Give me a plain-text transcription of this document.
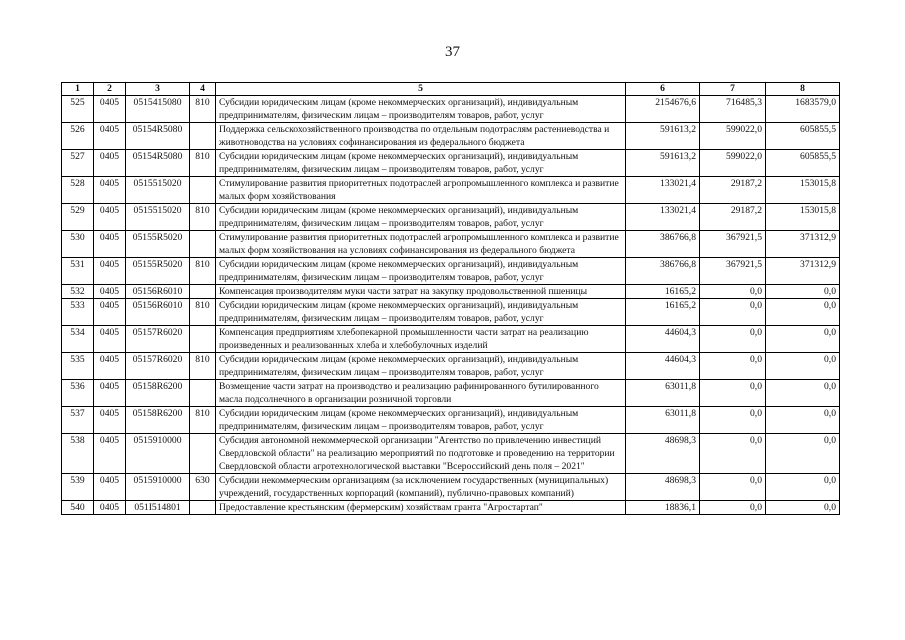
37
1	2	3	4	5	6	7	8
525	0405	0515415080	810	Субсидии юридическим лицам (кроме некоммерческих организаций), индивидуальным предпринимателям, физическим лицам – производителям товаров, работ, услуг	2154676,6	716485,3	1683579,0
526	0405	05154R5080		Поддержка сельскохозяйственного производства по отдельным подотраслям растениеводства и животноводства на условиях софинансирования из федерального бюджета	591613,2	599022,0	605855,5
527	0405	05154R5080	810	Субсидии юридическим лицам (кроме некоммерческих организаций), индивидуальным предпринимателям, физическим лицам – производителям товаров, работ, услуг	591613,2	599022,0	605855,5
528	0405	0515515020		Стимулирование развития приоритетных подотраслей агропромышленного комплекса и развитие малых форм хозяйствования	133021,4	29187,2	153015,8
529	0405	0515515020	810	Субсидии юридическим лицам (кроме некоммерческих организаций), индивидуальным предпринимателям, физическим лицам – производителям товаров, работ, услуг	133021,4	29187,2	153015,8
530	0405	05155R5020		Стимулирование развития приоритетных подотраслей агропромышленного комплекса и развитие малых форм хозяйствования на условиях софинансирования из федерального бюджета	386766,8	367921,5	371312,9
531	0405	05155R5020	810	Субсидии юридическим лицам (кроме некоммерческих организаций), индивидуальным предпринимателям, физическим лицам – производителям товаров, работ, услуг	386766,8	367921,5	371312,9
532	0405	05156R6010		Компенсация производителям муки части затрат на закупку продовольственной пшеницы	16165,2	0,0	0,0
533	0405	05156R6010	810	Субсидии юридическим лицам (кроме некоммерческих организаций), индивидуальным предпринимателям, физическим лицам – производителям товаров, работ, услуг	16165,2	0,0	0,0
534	0405	05157R6020		Компенсация предприятиям хлебопекарной промышленности части затрат на реализацию произведенных и реализованных хлеба и хлебобулочных изделий	44604,3	0,0	0,0
535	0405	05157R6020	810	Субсидии юридическим лицам (кроме некоммерческих организаций), индивидуальным предпринимателям, физическим лицам – производителям товаров, работ, услуг	44604,3	0,0	0,0
536	0405	05158R6200		Возмещение части затрат на производство и реализацию рафинированного бутилированного масла подсолнечного в организации розничной торговли	63011,8	0,0	0,0
537	0405	05158R6200	810	Субсидии юридическим лицам (кроме некоммерческих организаций), индивидуальным предпринимателям, физическим лицам – производителям товаров, работ, услуг	63011,8	0,0	0,0
538	0405	0515910000		Субсидия автономной некоммерческой организации "Агентство по привлечению инвестиций Свердловской области" на реализацию мероприятий по подготовке и проведению на территории Свердловской области агротехнологической выставки "Всероссийский день поля – 2021"	48698,3	0,0	0,0
539	0405	0515910000	630	Субсидии некоммерческим организациям (за исключением государственных (муниципальных) учреждений, государственных корпораций (компаний), публично-правовых компаний)	48698,3	0,0	0,0
540	0405	051I514801		Предоставление крестьянским (фермерским) хозяйствам гранта "Агростартап"	18836,1	0,0	0,0
